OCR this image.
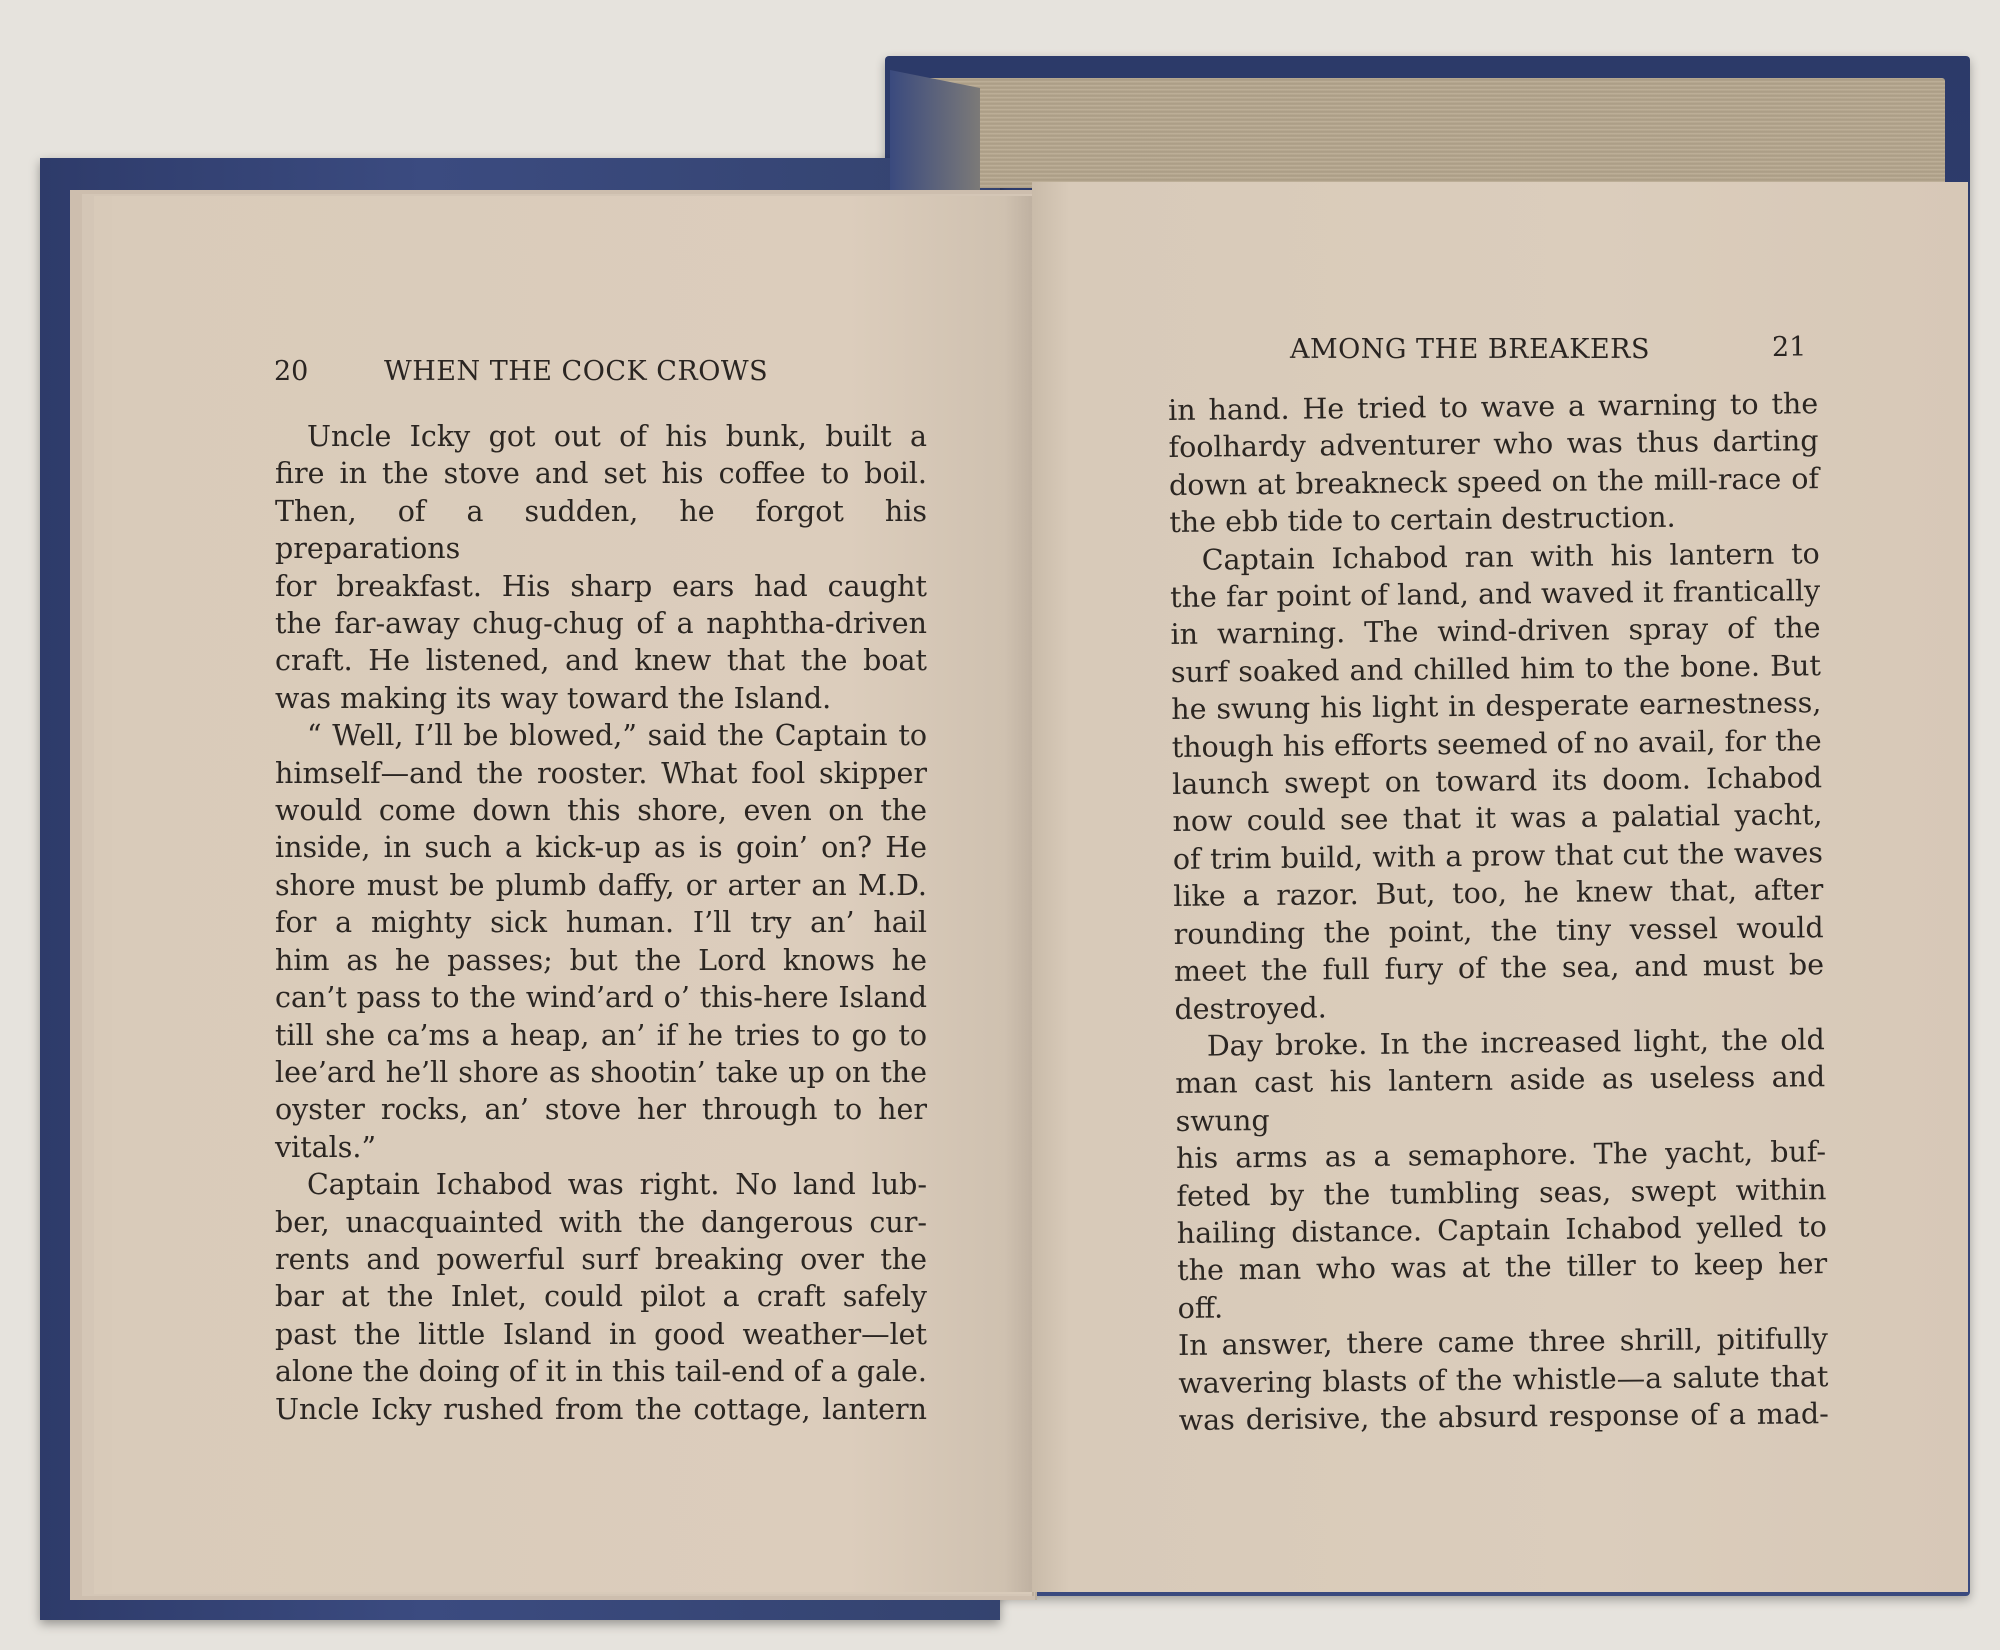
20	WHEN THE COCK CROWS

Uncle Icky got out of his bunk, built a

fire in the stove and set his coffee to boil.

Then, of a sudden, he forgot his preparations

for breakfast. His sharp ears had caught

the far-away chug-chug of a naphtha-driven

craft. He listened, and knew that the boat

was making its way toward the Island.

“ Well, I’ll be blowed,” said the Captain to

himself—and the rooster. What fool skipper

would come down this shore, even on the

inside, in such a kick-up as is goin’ on? He

shore must be plumb daffy, or arter an M.D.

for a mighty sick human. I’ll try an’ hail

him as he passes; but the Lord knows he

can’t pass to the wind’ard o’ this-here Island

till she ca’ms a heap, an’ if he tries to go to

lee’ard he’ll shore as shootin’ take up on the

oyster rocks, an’ stove her through to her

vitals.”

Captain Ichabod was right. No land lub-

ber, unacquainted with the dangerous cur-

rents and powerful surf breaking over the

bar at the Inlet, could pilot a craft safely

past the little Island in good weather—let

alone the doing of it in this tail-end of a gale.

Uncle Icky rushed from the cottage, lantern

AMONG THE BREAKERS	21

in hand. He tried to wave a warning to the

foolhardy adventurer who was thus darting

down at breakneck speed on the mill-race of

the ebb tide to certain destruction.

Captain Ichabod ran with his lantern to

the far point of land, and waved it frantically

in warning. The wind-driven spray of the

surf soaked and chilled him to the bone. But

he swung his light in desperate earnestness,

though his efforts seemed of no avail, for the

launch swept on toward its doom. Ichabod

now could see that it was a palatial yacht,

of trim build, with a prow that cut the waves

like a razor. But, too, he knew that, after

rounding the point, the tiny vessel would

meet the full fury of the sea, and must be

destroyed.

Day broke. In the increased light, the old

man cast his lantern aside as useless and swung

his arms as a semaphore. The yacht, buf-

feted by the tumbling seas, swept within

hailing distance. Captain Ichabod yelled to

the man who was at the tiller to keep her off.

In answer, there came three shrill, pitifully

wavering blasts of the whistle—a salute that

was derisive, the absurd response of a mad-
